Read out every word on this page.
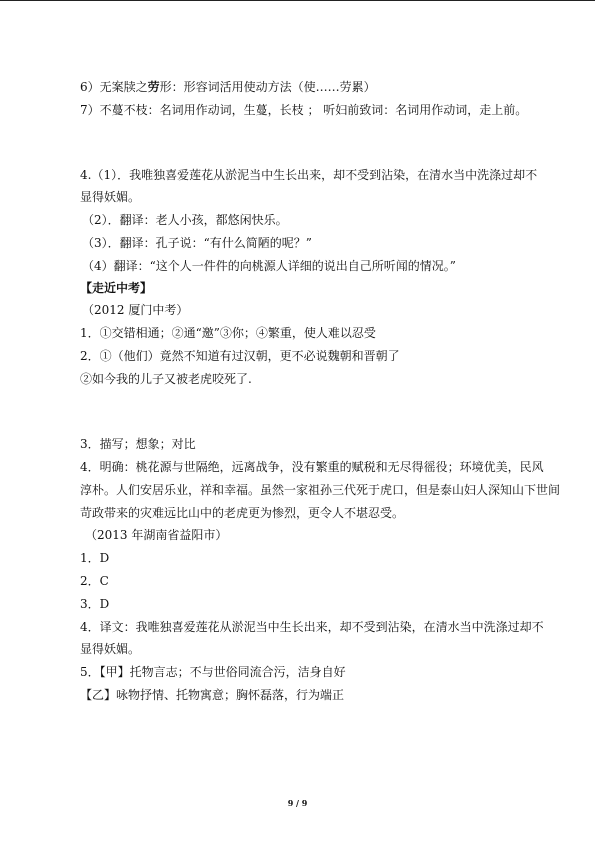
6）无案牍之劳形：形容词活用使动方法（使……劳累）
7）不蔓不枝：名词用作动词，生蔓，长枝 ； 听妇前致词：名词用作动词，走上前。
4.（1）．我唯独喜爱莲花从淤泥当中生长出来，却不受到沾染，在清水当中洗涤过却不
显得妖媚。
（2）．翻译：老人小孩，都悠闲快乐。
（3）．翻译：孔子说：“有什么简陋的呢？”
（4）翻译：“这个人一件件的向桃源人详细的说出自己所听闻的情况。”
【走近中考】
（2012 厦门中考）
1．①交错相通；②通“邀”③你；④繁重，使人难以忍受
2．①（他们）竟然不知道有过汉朝，更不必说魏朝和晋朝了
②如今我的儿子又被老虎咬死了.
3．描写；想象；对比
4．明确：桃花源与世隔绝，远离战争，没有繁重的赋税和无尽得徭役；环境优美，民风
淳朴。人们安居乐业，祥和幸福。虽然一家祖孙三代死于虎口，但是泰山妇人深知山下世间
苛政带来的灾难远比山中的老虎更为惨烈，更令人不堪忍受。
（2013 年湖南省益阳市）
1．D
2．C
3．D
4．译文：我唯独喜爱莲花从淤泥当中生长出来，却不受到沾染，在清水当中洗涤过却不
显得妖媚。
5．【甲】托物言志；不与世俗同流合污，洁身自好
【乙】咏物抒情、托物寓意；胸怀磊落，行为端正
9 / 9
